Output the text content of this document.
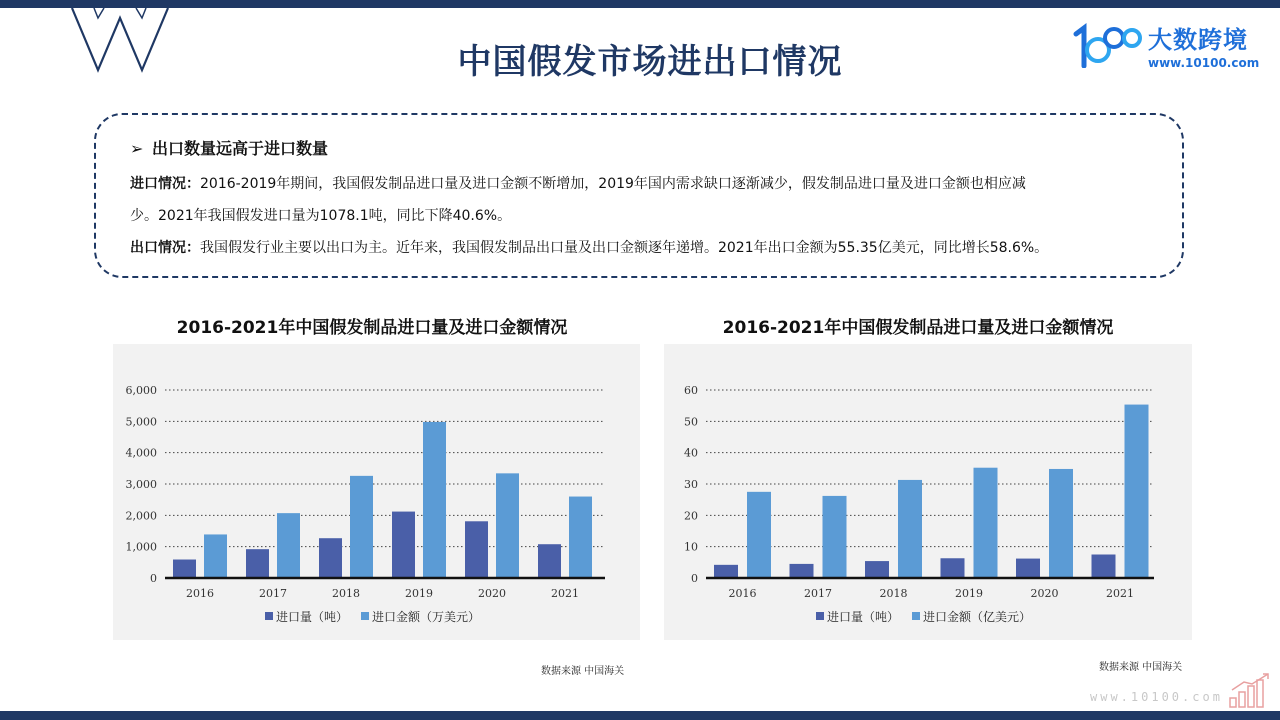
中国假发市场进出口情况
大数跨境
www.10100.com
➢ 出口数量远高于进口数量
进口情况：2016-2019年期间，我国假发制品进口量及进口金额不断增加，2019年国内需求缺口逐渐减少，假发制品进口量及进口金额也相应减
少。2021年我国假发进口量为1078.1吨，同比下降40.6%。
出口情况：我国假发行业主要以出口为主。近年来，我国假发制品出口量及出口金额逐年递增。2021年出口金额为55.35亿美元，同比增长58.6%。
2016-2021年中国假发制品进口量及进口金额情况
0
1,000
2,000
3,000
4,000
5,000
6,000
2016	2017	2018	2019	2020	2021
进口量（吨） 进口金额（万美元）
数据来源 中国海关
2016-2021年中国假发制品进口量及进口金额情况
0
10
20
30
40
50
60
2016	2017	2018	2019	2020	2021
进口量（吨） 进口金额（亿美元）
数据来源 中国海关
www.10100.com
